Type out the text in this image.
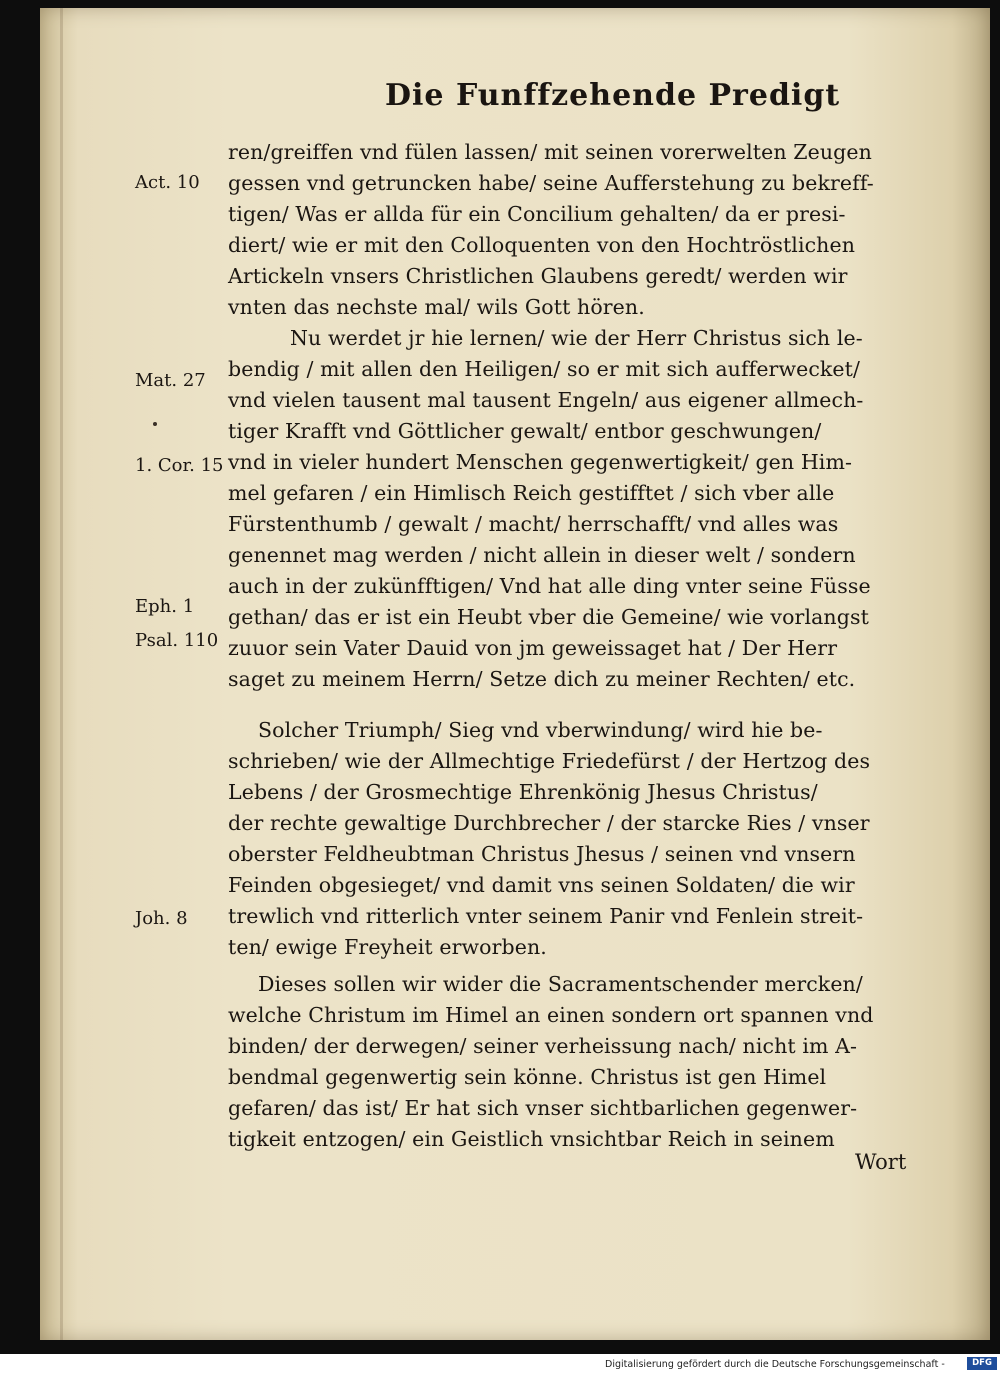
Die Funffzehende Predigt
ren/greiffen vnd fülen lassen/ mit seinen vorerwelten Zeugen
gessen vnd getruncken habe/ seine Aufferstehung zu bekreff-
tigen/ Was er allda für ein Concilium gehalten/ da er presi-
diert/ wie er mit den Colloquenten von den Hochtröstlichen
Artickeln vnsers Christlichen Glaubens geredt/ werden wir
vnten das nechste mal/ wils Gott hören.
Nu werdet jr hie lernen/ wie der Herr Christus sich le-
bendig / mit allen den Heiligen/ so er mit sich aufferwecket/
vnd vielen tausent mal tausent Engeln/ aus eigener allmech-
tiger Krafft vnd Göttlicher gewalt/ entbor geschwungen/
vnd in vieler hundert Menschen gegenwertigkeit/ gen Him-
mel gefaren / ein Himlisch Reich gestifftet / sich vber alle
Fürstenthumb / gewalt / macht/ herrschafft/ vnd alles was
genennet mag werden / nicht allein in dieser welt / sondern
auch in der zukünfftigen/ Vnd hat alle ding vnter seine Füsse
gethan/ das er ist ein Heubt vber die Gemeine/ wie vorlangst
zuuor sein Vater Dauid von jm geweissaget hat / Der Herr
saget zu meinem Herrn/ Setze dich zu meiner Rechten/ etc.
Solcher Triumph/ Sieg vnd vberwindung/ wird hie be-
schrieben/ wie der Allmechtige Friedefürst / der Hertzog des
Lebens / der Grosmechtige Ehrenkönig Jhesus Christus/
der rechte gewaltige Durchbrecher / der starcke Ries / vnser
oberster Feldheubtman Christus Jhesus / seinen vnd vnsern
Feinden obgesieget/ vnd damit vns seinen Soldaten/ die wir
trewlich vnd ritterlich vnter seinem Panir vnd Fenlein streit-
ten/ ewige Freyheit erworben.
Dieses sollen wir wider die Sacramentschender mercken/
welche Christum im Himel an einen sondern ort spannen vnd
binden/ der derwegen/ seiner verheissung nach/ nicht im A-
bendmal gegenwertig sein könne. Christus ist gen Himel
gefaren/ das ist/ Er hat sich vnser sichtbarlichen gegenwer-
tigkeit entzogen/ ein Geistlich vnsichtbar Reich in seinem
Wort
Act. 10
Mat. 27
1. Cor. 15
Eph. 1
Psal. 110
Joh. 8
Digitalisierung gefördert durch die Deutsche Forschungsgemeinschaft -	DFG
